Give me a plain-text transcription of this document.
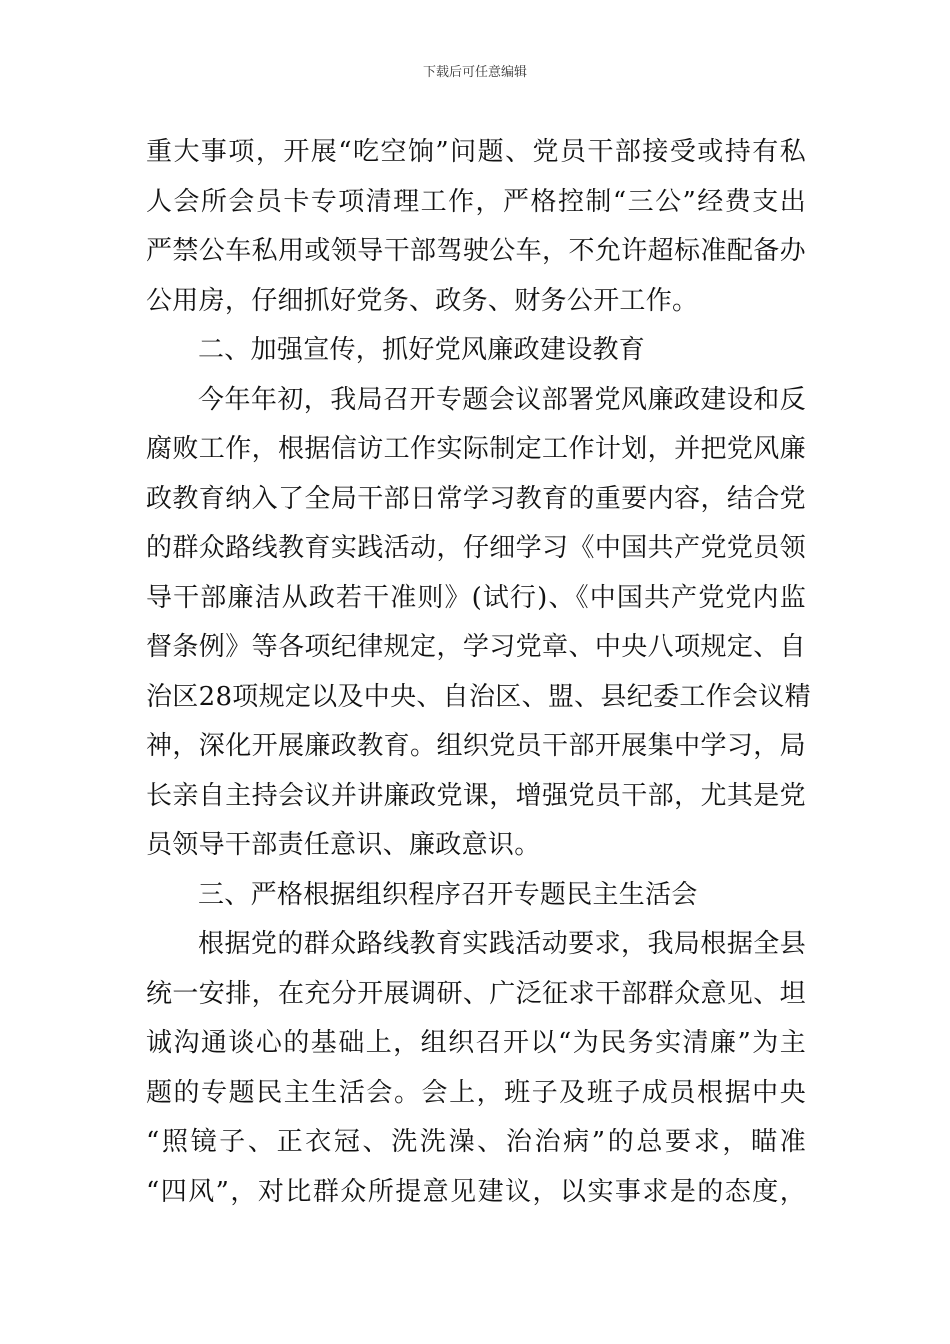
下载后可任意编辑
重大事项，开展“吃空饷”问题、党员干部接受或持有私
人会所会员卡专项清理工作，严格控制“三公”经费支出
严禁公车私用或领导干部驾驶公车，不允许超标准配备办
公用房，仔细抓好党务、政务、财务公开工作。
二、加强宣传，抓好党风廉政建设教育
今年年初，我局召开专题会议部署党风廉政建设和反
腐败工作，根据信访工作实际制定工作计划，并把党风廉
政教育纳入了全局干部日常学习教育的重要内容，结合党
的群众路线教育实践活动，仔细学习《中国共产党党员领
导干部廉洁从政若干准则》(试行)、《中国共产党党内监
督条例》等各项纪律规定，学习党章、中央八项规定、自
治区28项规定以及中央、自治区、盟、县纪委工作会议精
神，深化开展廉政教育。组织党员干部开展集中学习，局
长亲自主持会议并讲廉政党课，增强党员干部，尤其是党
员领导干部责任意识、廉政意识。
三、严格根据组织程序召开专题民主生活会
根据党的群众路线教育实践活动要求，我局根据全县
统一安排，在充分开展调研、广泛征求干部群众意见、坦
诚沟通谈心的基础上，组织召开以“为民务实清廉”为主
题的专题民主生活会。会上，班子及班子成员根据中央
“照镜子、正衣冠、洗洗澡、治治病”的总要求，瞄准
“四风”，对比群众所提意见建议，以实事求是的态度，
